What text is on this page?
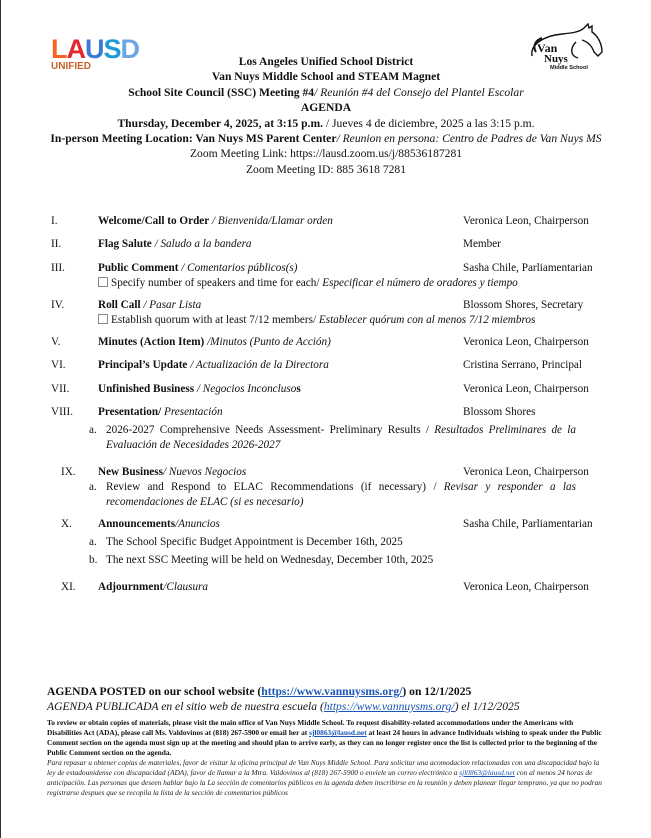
LAUSD
UNIFIED
Van
Nuys
Middle School
Los Angeles Unified School District
Van Nuys Middle School and STEAM Magnet
School Site Council (SSC) Meeting #4/ Reunión #4 del Consejo del Plantel Escolar
AGENDA
Thursday, December 4, 2025, at 3:15 p.m. / Jueves 4 de diciembre, 2025 a las 3:15 p.m.
In-person Meeting Location: Van Nuys MS Parent Center/ Reunion en persona: Centro de Padres de Van Nuys MS
Zoom Meeting Link: https://lausd.zoom.us/j/88536187281
Zoom Meeting ID: 885 3618 7281
I.	Welcome/Call to Order / Bienvenida/Llamar orden	Veronica Leon, Chairperson
II.	Flag Salute / Saludo a la bandera	Member
III.	Public Comment / Comentarios públicos(s)	Sasha Chile, Parliamentarian
Specify number of speakers and time for each/ Especificar el número de oradores y tiempo
IV.	Roll Call / Pasar Lista	Blossom Shores, Secretary
Establish quorum with at least 7/12 members/ Establecer quórum con al menos 7/12 miembros
V.	Minutes (Action Item) /Minutos (Punto de Acción)	Veronica Leon, Chairperson
VI.	Principal’s Update / Actualización de la Directora	Cristina Serrano, Principal
VII.	Unfinished Business / Negocios Inconclusos	Veronica Leon, Chairperson
VIII. Presentation/ Presentación	Blossom Shores
a. 2026-2027 Comprehensive Needs Assessment- Preliminary Results / Resultados Preliminares de la Evaluación de Necesidades 2026-2027
IX. New Business/ Nuevos Negocios	Veronica Leon, Chairperson
a. Review and Respond to ELAC Recommendations (if necessary) / Revisar y responder a las recomendaciones de ELAC (si es necesario)
X. Announcements/Anuncios	Sasha Chile, Parliamentarian
a. The School Specific Budget Appointment is December 16th, 2025
b. The next SSC Meeting will be held on Wednesday, December 10th, 2025
XI. Adjournment/Clausura	Veronica Leon, Chairperson
AGENDA POSTED on our school website (https://www.vannuysms.org/) on 12/1/2025
AGENDA PUBLICADA en el sitio web de nuestra escuela (https://www.vannuysms.org/) el 1/12/2025
To review or obtain copies of materials, please visit the main office of Van Nuys Middle School. To request disability-related accommodations under the Americans with Disabilities Act (ADA), please call Ms. Valdovinos at (818) 267-5900 or email her at sjl0863@lausd.net at least 24 hours in advance Individuals wishing to speak under the Public Comment section on the agenda must sign up at the meeting and should plan to arrive early, as they can no longer register once the list is collected prior to the beginning of the Public Comment section on the agenda.
Para repasar u obtener copias de materiales, favor de visitar la oficina principal de Van Nuys Middle School. Para solicitar una acomodacion relacionadas con una discapacidad bajo la ley de estadounidense con discapacidad (ADA), favor de llamar a la Mtra. Valdovinos al (818) 267-5900 o envíele un correo electrónico a sjl0863@lausd.net con al menos 24 horas de anticipación. Las personas que deseen hablar bajo la La sección de comentarios públicos en la agenda deben inscribirse en la reunión y deben planear llegar temprano, ya que no podran registrarse despues que se recopila la lista de la sección de comentarios públicos
